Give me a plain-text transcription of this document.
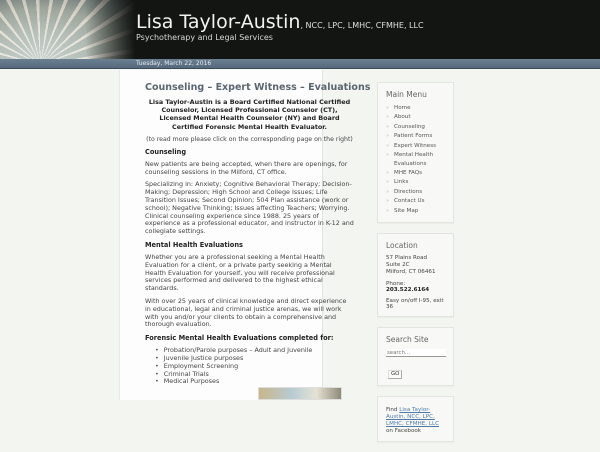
Lisa Taylor-Austin, NCC, LPC, LMHC, CFMHE, LLC
Psychotherapy and Legal Services
Tuesday, March 22, 2016
Counseling – Expert Witness – Evaluations

Lisa Taylor-Austin is a Board Certified National Certified Counselor, Licensed Professional Counselor (CT), Licensed Mental Health Counselor (NY) and Board Certified Forensic Mental Health Evaluator.

(to read more please click on the corresponding page on the right)

Counseling

New patients are being accepted, when there are openings, for counseling sessions in the Milford, CT office.

Specializing in: Anxiety; Cognitive Behavioral Therapy; Decision-Making; Depression; High School and College Issues; Life Transition Issues; Second Opinion; 504 Plan assistance (work or school); Negative Thinking; Issues affecting Teachers; Worrying. Clinical counseling experience since 1988. 25 years of experience as a professional educator, and instructor in K-12 and collegiate settings.

Mental Health Evaluations

Whether you are a professional seeking a Mental Health Evaluation for a client, or a private party seeking a Mental Health Evaluation for yourself, you will receive professional services performed and delivered to the highest ethical standards.

With over 25 years of clinical knowledge and direct experience in educational, legal and criminal justice arenas, we will work with you and/or your clients to obtain a comprehensive and thorough evaluation.

Forensic Mental Health Evaluations completed for:
• Probation/Parole purposes – Adult and Juvenile
• Juvenile Justice purposes
• Employment Screening
• Criminal Trials
• Medical Purposes
Main Menu
» Home
» About
» Counseling
» Patient Forms
» Expert Witness
» Mental Health Evaluations
» MHE FAQs
» Links
» Directions
» Contact Us
» Site Map
Location
57 Plains Road
Suite 2C
Milford, CT 06461
Phone: 203.522.6164
Easy on/off I-95, exit 36
Search Site
search... GO
Find Lisa Taylor-Austin, NCC, LPC, LMHC, CFMHE, LLC on Facebook
